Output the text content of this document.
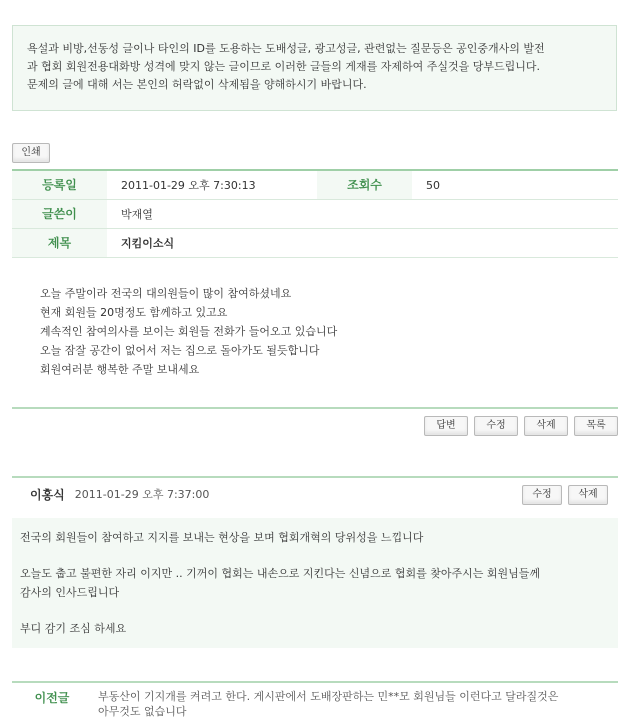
욕설과 비방,선동성 글이나 타인의 ID를 도용하는 도배성글, 광고성글, 관련없는 질문등은 공인중개사의 발전
과 협회 회원전용대화방 성격에 맞지 않는 글이므로 이러한 글들의 게재를 자제하여 주실것을 당부드립니다.
문제의 글에 대해 서는 본인의 허락없이 삭제됨을 양해하시기 바랍니다.
인쇄
등록일	2011-01-29 오후 7:30:13	조회수	50
글쓴이	박재열
제목	지킴이소식
오늘 주말이라 전국의 대의원들이 많이 참여하셨네요
현재 회원들 20명정도 함께하고 있고요
계속적인 참여의사를 보이는 회원들 전화가 들어오고 있습니다
오늘 잠잘 공간이 없어서 저는 집으로 돌아가도 될듯합니다
회원여러분 행복한 주말 보내세요
답변	수정	삭제	목록
이홍식 2011-01-29 오후 7:37:00	수정	삭제

전국의 회원들이 참여하고 지지를 보내는 현상을 보며 협회개혁의 당위성을 느낍니다

오늘도 춥고 불편한 자리 이지만 .. 기꺼이 협회는 내손으로 지킨다는 신념으로 협회를 찾아주시는 회원님들께
감사의 인사드립니다

부디 감기 조심 하세요

이전글	부동산이 기지개를 켜려고 한다. 게시판에서 도배장판하는 민**모 회원님들 이런다고 달라질것은
아무것도 없습니다
